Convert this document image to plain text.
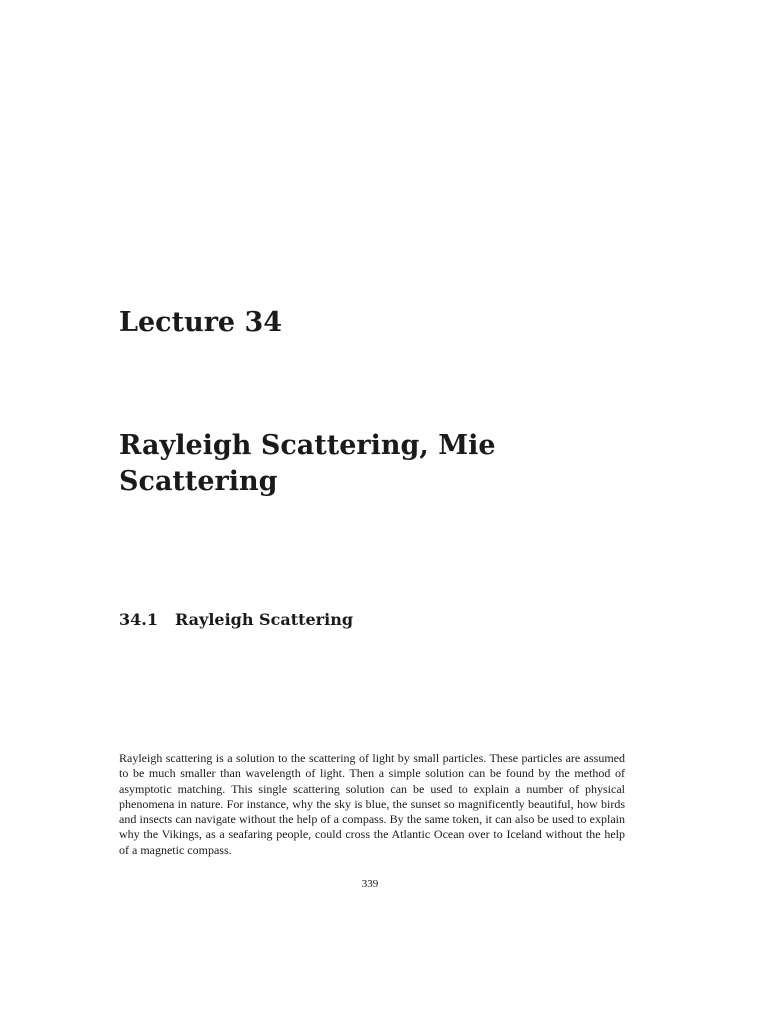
Lecture 34
Rayleigh Scattering, Mie Scattering
34.1 Rayleigh Scattering

Rayleigh scattering is a solution to the scattering of light by small particles. These particles are assumed to be much smaller than wavelength of light. Then a simple solution can be found by the method of asymptotic matching. This single scattering solution can be used to explain a number of physical phenomena in nature. For instance, why the sky is blue, the sunset so magnificently beautiful, how birds and insects can navigate without the help of a compass. By the same token, it can also be used to explain why the Vikings, as a seafaring people, could cross the Atlantic Ocean over to Iceland without the help of a magnetic compass.

339
